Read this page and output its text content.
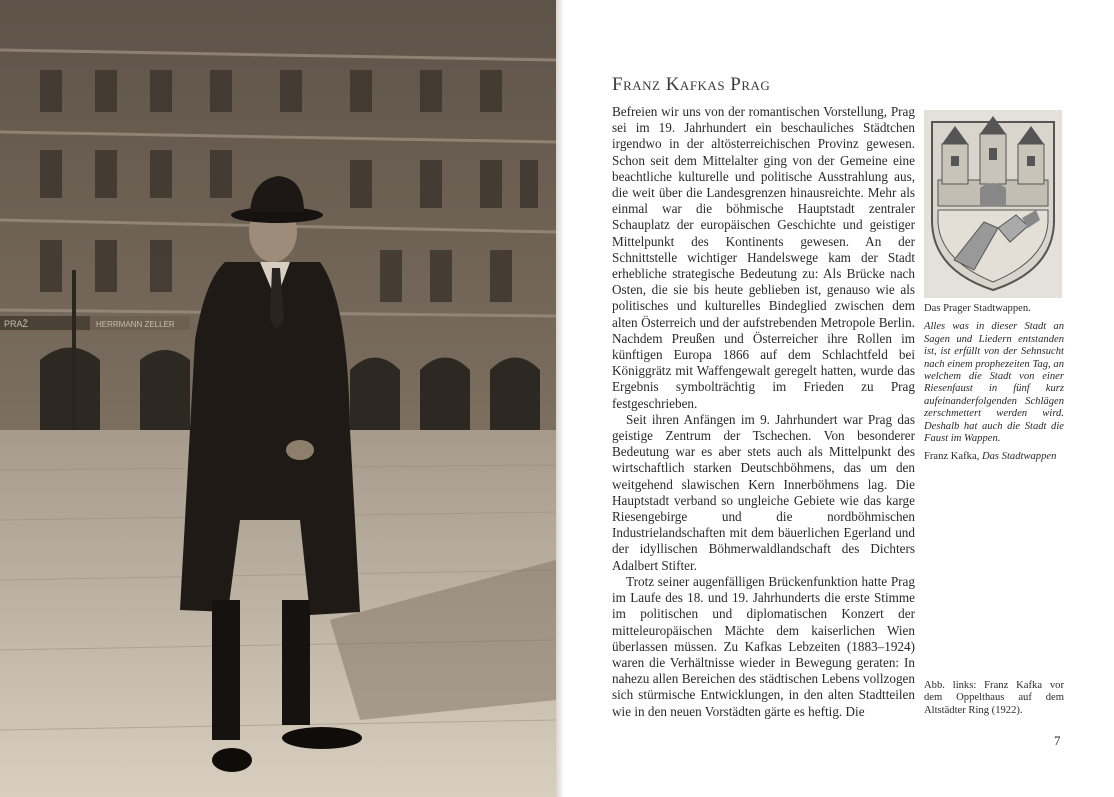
PRAŽ	HERRMANN ZELLER
Franz Kafkas Prag

Befreien wir uns von der romantischen Vorstellung, Prag sei im 19. Jahrhundert ein beschauliches Städtchen irgendwo in der altösterreichischen Provinz gewesen. Schon seit dem Mittelalter ging von der Gemeine eine beachtliche kulturelle und politische Ausstrahlung aus, die weit über die Landesgrenzen hinausreichte. Mehr als einmal war die böhmische Hauptstadt zentraler Schauplatz der europäischen Geschichte und geistiger Mittelpunkt des Kontinents gewesen. An der Schnittstelle wichtiger Handelswege kam der Stadt erhebliche strategische Bedeutung zu: Als Brücke nach Osten, die sie bis heute geblieben ist, genauso wie als politisches und kulturelles Bindeglied zwischen dem alten Österreich und der aufstrebenden Metropole Berlin. Nachdem Preußen und Österreicher ihre Rollen im künftigen Europa 1866 auf dem Schlachtfeld bei Königgrätz mit Waffengewalt geregelt hatten, wurde das Ergebnis symbolträchtig im Frieden zu Prag festgeschrieben.

Seit ihren Anfängen im 9. Jahrhundert war Prag das geistige Zentrum der Tschechen. Von besonderer Bedeutung war es aber stets auch als Mittelpunkt des wirtschaftlich starken Deutschböhmens, das um den weitgehend slawischen Kern Innerböhmens lag. Die Hauptstadt verband so ungleiche Gebiete wie das karge Riesengebirge und die nordböhmischen Industrielandschaften mit dem bäuerlichen Egerland und der idyllischen Böhmerwaldlandschaft des Dichters Adalbert Stifter.

Trotz seiner augenfälligen Brückenfunktion hatte Prag im Laufe des 18. und 19. Jahrhunderts die erste Stimme im politischen und diplomatischen Konzert der mitteleuropäischen Mächte dem kaiserlichen Wien überlassen müssen. Zu Kafkas Lebzeiten (1883–1924) waren die Verhältnisse wieder in Bewegung geraten: In nahezu allen Bereichen des städtischen Lebens vollzogen sich stürmische Entwicklungen, in den alten Stadtteilen wie in den neuen Vorstädten gärte es heftig. Die

Das Prager Stadtwappen.
Alles was in dieser Stadt an Sagen und Liedern entstanden ist, ist erfüllt von der Sehnsucht nach einem prophezeiten Tag, an welchem die Stadt von einer Riesenfaust in fünf kurz aufeinanderfolgenden Schlägen zerschmettert werden wird. Deshalb hat auch die Stadt die Faust im Wappen.
Franz Kafka, Das Stadtwappen
Abb. links: Franz Kafka vor dem Oppelthaus auf dem Altstädter Ring (1922).
7
